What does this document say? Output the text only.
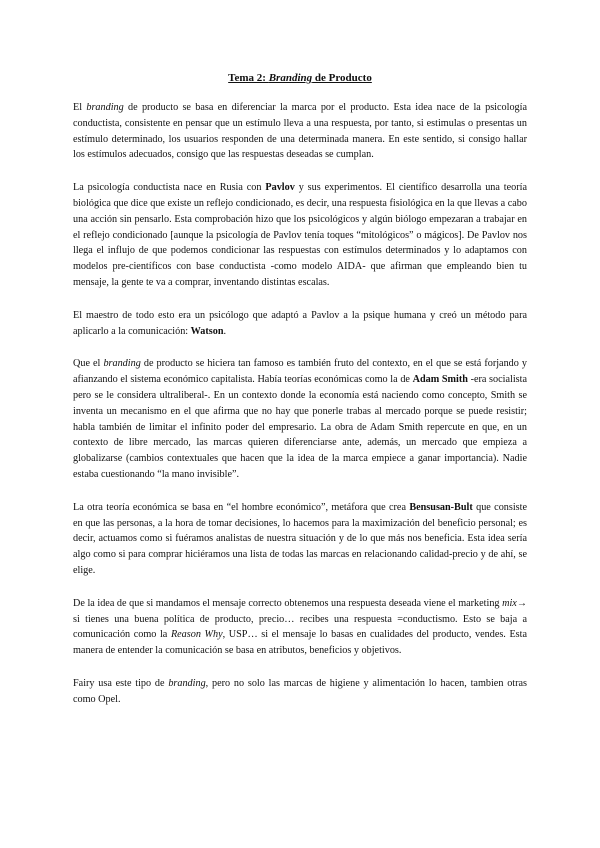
Tema 2: Branding de Producto

El branding de producto se basa en diferenciar la marca por el producto. Esta idea nace de la psicología conductista, consistente en pensar que un estímulo lleva a una respuesta, por tanto, si estimulas o presentas un estímulo determinado, los usuarios responden de una determinada manera. En este sentido, si consigo hallar los estímulos adecuados, consigo que las respuestas deseadas se cumplan.

La psicología conductista nace en Rusia con Pavlov y sus experimentos. El científico desarrolla una teoría biológica que dice que existe un reflejo condicionado, es decir, una respuesta fisiológica en la que llevas a cabo una acción sin pensarlo. Esta comprobación hizo que los psicológicos y algún biólogo empezaran a trabajar en el reflejo condicionado [aunque la psicología de Pavlov tenía toques “mitológicos” o mágicos]. De Pavlov nos llega el influjo de que podemos condicionar las respuestas con estímulos determinados y lo adaptamos con modelos pre-científicos con base conductista -como modelo AIDA- que afirman que empleando bien tu mensaje, la gente te va a comprar, inventando distintas escalas.

El maestro de todo esto era un psicólogo que adaptó a Pavlov a la psique humana y creó un método para aplicarlo a la comunicación: Watson.

Que el branding de producto se hiciera tan famoso es también fruto del contexto, en el que se está forjando y afianzando el sistema económico capitalista. Había teorías económicas como la de Adam Smith -era socialista pero se le considera ultraliberal-. En un contexto donde la economía está naciendo como concepto, Smith se inventa un mecanismo en el que afirma que no hay que ponerle trabas al mercado porque se puede resistir; habla también de limitar el infinito poder del empresario. La obra de Adam Smith repercute en que, en un contexto de libre mercado, las marcas quieren diferenciarse ante, además, un mercado que empieza a globalizarse (cambios contextuales que hacen que la idea de la marca empiece a ganar importancia). Nadie estaba cuestionando “la mano invisible”.

La otra teoría económica se basa en “el hombre económico”, metáfora que crea Bensusan-Bult que consiste en que las personas, a la hora de tomar decisiones, lo hacemos para la maximización del beneficio personal; es decir, actuamos como si fuéramos analistas de nuestra situación y de lo que más nos beneficia. Esta idea sería algo como si para comprar hiciéramos una lista de todas las marcas en relacionando calidad-precio y de ahí, se elige.

De la idea de que si mandamos el mensaje correcto obtenemos una respuesta deseada viene el marketing mix→ si tienes una buena política de producto, precio… recibes una respuesta =conductismo. Esto se baja a comunicación como la Reason Why, USP… si el mensaje lo basas en cualidades del producto, vendes. Esta manera de entender la comunicación se basa en atributos, beneficios y objetivos.

Fairy usa este tipo de branding, pero no solo las marcas de higiene y alimentación lo hacen, tambien otras como Opel.
